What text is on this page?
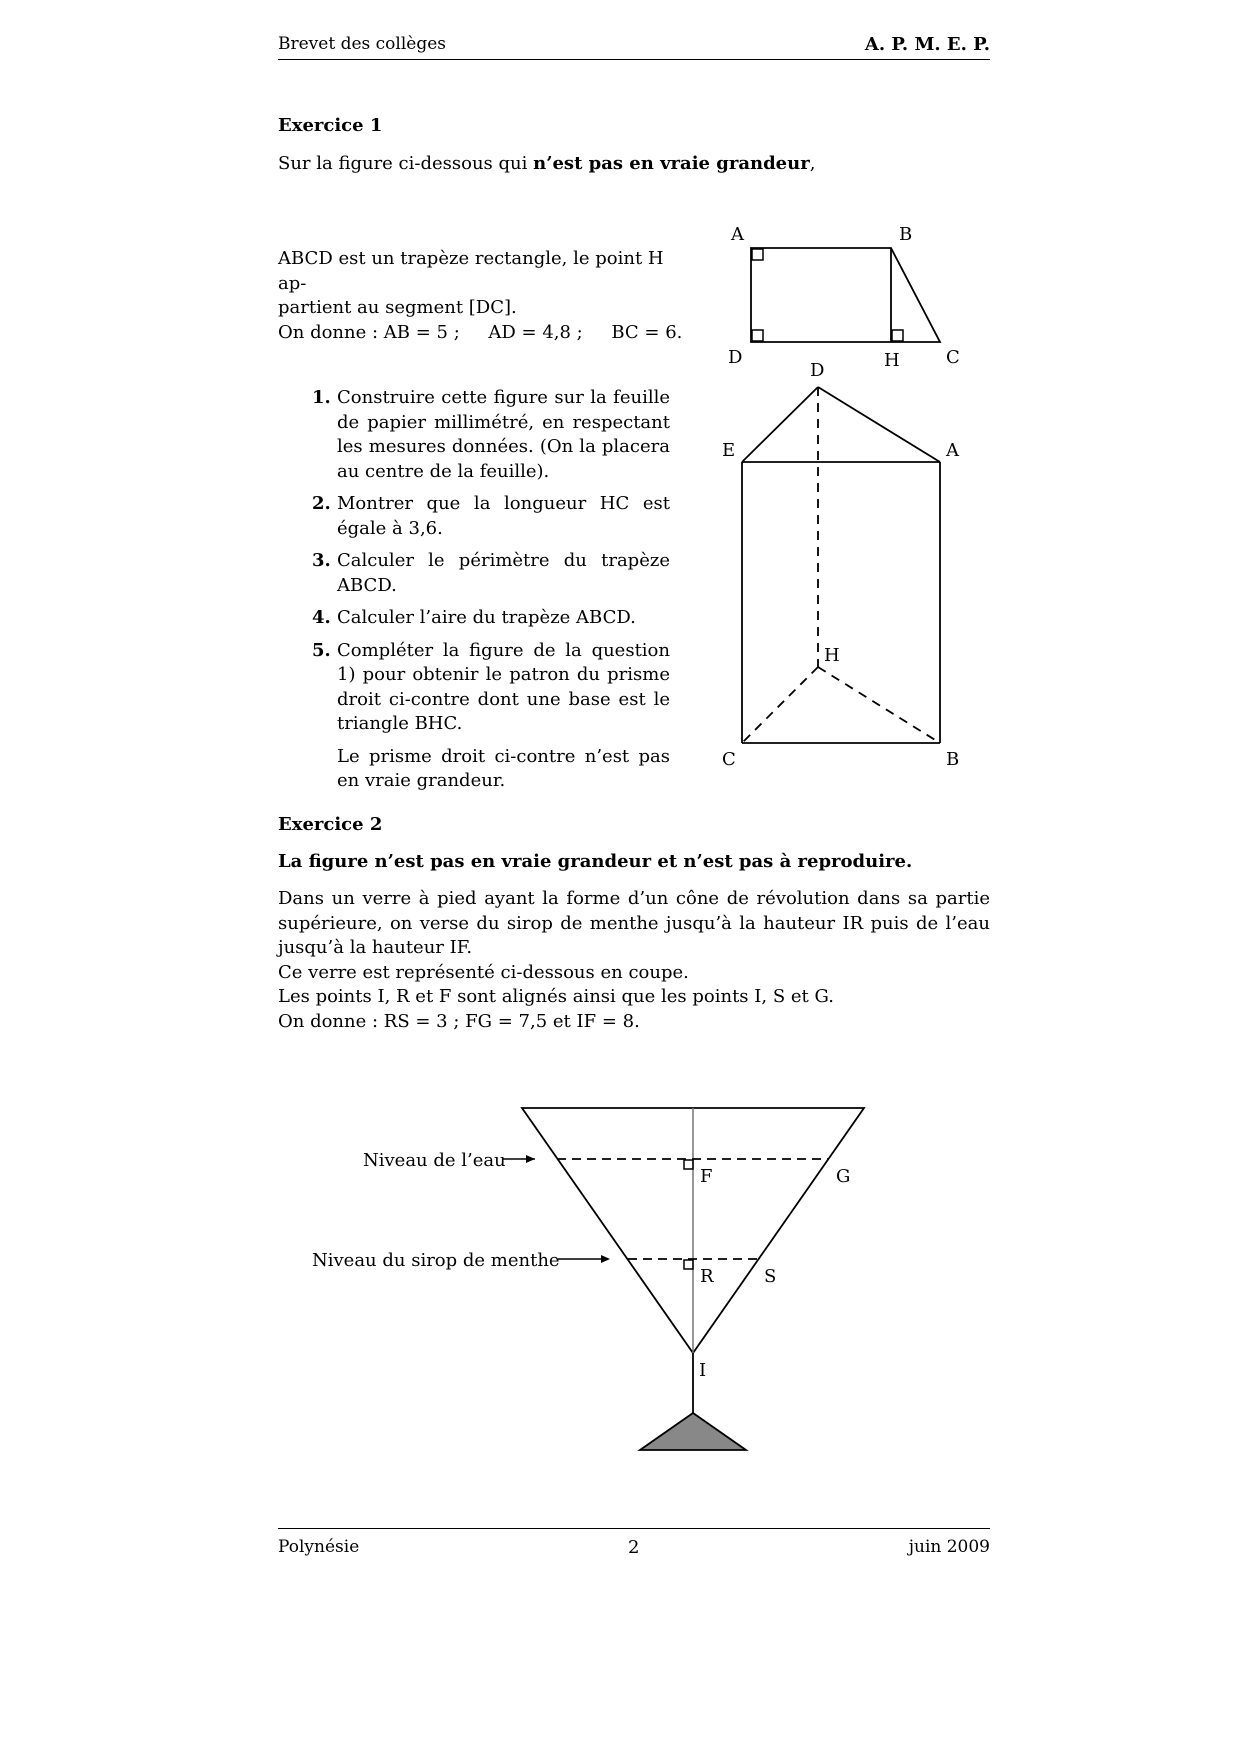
Brevet des collèges	A. P. M. E. P.
Exercice 1
Sur la figure ci-dessous qui n’est pas en vraie grandeur,
ABCD est un trapèze rectangle, le point H ap-
partient au segment [DC].
On donne : AB = 5 ;     AD = 4,8 ;     BC = 6.
1. Construire cette figure sur la feuille de papier millimétré, en respectant les mesures données. (On la placera au centre de la feuille).
2. Montrer que la longueur HC est égale à 3,6.
3. Calculer le périmètre du trapèze ABCD.
4. Calculer l’aire du trapèze ABCD.
5. Compléter la figure de la question 1) pour obtenir le patron du prisme droit ci-contre dont une base est le triangle BHC.
Le prisme droit ci-contre n’est pas en vraie grandeur.
A	B
D	H	C
D
E	A
H
C	B
Exercice 2
La figure n’est pas en vraie grandeur et n’est pas à reproduire.
Dans un verre à pied ayant la forme d’un cône de révolution dans sa partie supérieure, on verse du sirop de menthe jusqu’à la hauteur IR puis de l’eau jusqu’à la hauteur IF.
Ce verre est représenté ci-dessous en coupe.
Les points I, R et F sont alignés ainsi que les points I, S et G.
On donne : RS = 3 ; FG = 7,5 et IF = 8.
Niveau de l’eau
Niveau du sirop de menthe
F	G
R	S
I
Polynésie	2	juin 2009
